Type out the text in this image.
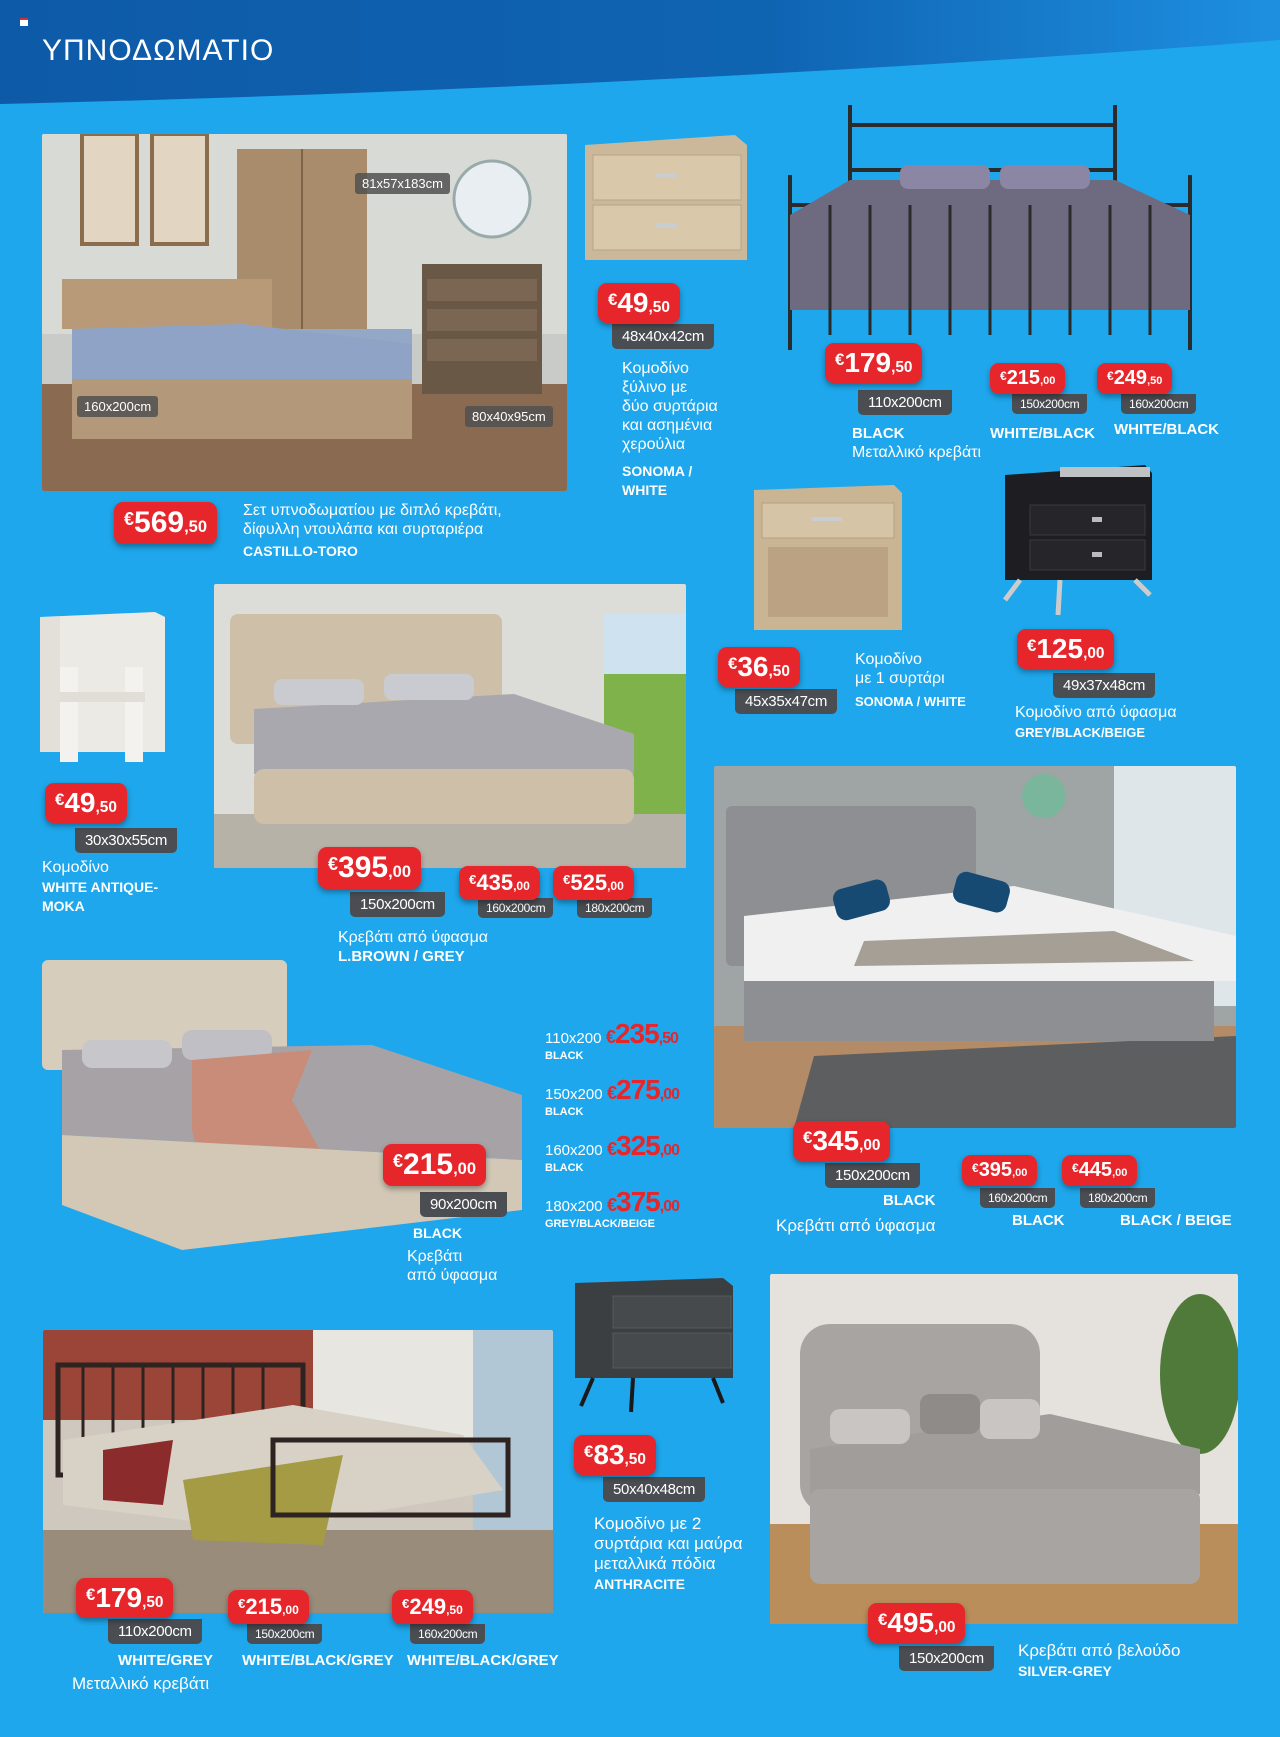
ΥΠΝΟΔΩΜΑΤΙΟ
81x57x183cm
160x200cm
80x40x95cm
€569,50
Σετ υπνοδωματίου με διπλό κρεβάτι,
δίφυλλη ντουλάπα και συρταριέρα
CASTILLO-TORO
€49,50
48x40x42cm
Κομοδίνο
ξύλινο με
δύο συρτάρια
και ασημένια
χερούλια
SONOMA /
WHITE
€179,50
110x200cm
€215,00
150x200cm
€249,50
160x200cm
BLACK	WHITE/BLACK WHITE/BLACK
Μεταλλικό κρεβάτι
€36,50
45x35x47cm
Κομοδίνο
με 1 συρτάρι
SONOMA / WHITE
€125,00
49x37x48cm
Κομοδίνο από ύφασμα
GREY/BLACK/BEIGE
€49,50
30x30x55cm
Κομοδίνο
WHITE ANTIQUE-
MOKA
€395,00
150x200cm
€435,00
160x200cm
€525,00
180x200cm
Κρεβάτι από ύφασμα
L.BROWN / GREY
€345,00
150x200cm	€395,00
160x200cm
€445,00
180x200cm
BLACK
BLACK	BLACK / BEIGE
Κρεβάτι από ύφασμα
€215,00
90x200cm
BLACK
Κρεβάτι
από ύφασμα
110x200 €235,50
BLACK
150x200 €275,00
BLACK
160x200 €325,00
BLACK
180x200 €375,00
GREY/BLACK/BEIGE
€179,50
110x200cm
€215,00
150x200cm
€249,50
160x200cm
WHITE/GREY WHITE/BLACK/GREY WHITE/BLACK/GREY
Μεταλλικό κρεβάτι
€83,50
50x40x48cm
Κομοδίνο με 2
συρτάρια και μαύρα
μεταλλικά πόδια
ANTHRACITE
€495,00
150x200cm	Κρεβάτι από βελούδο
SILVER-GREY
